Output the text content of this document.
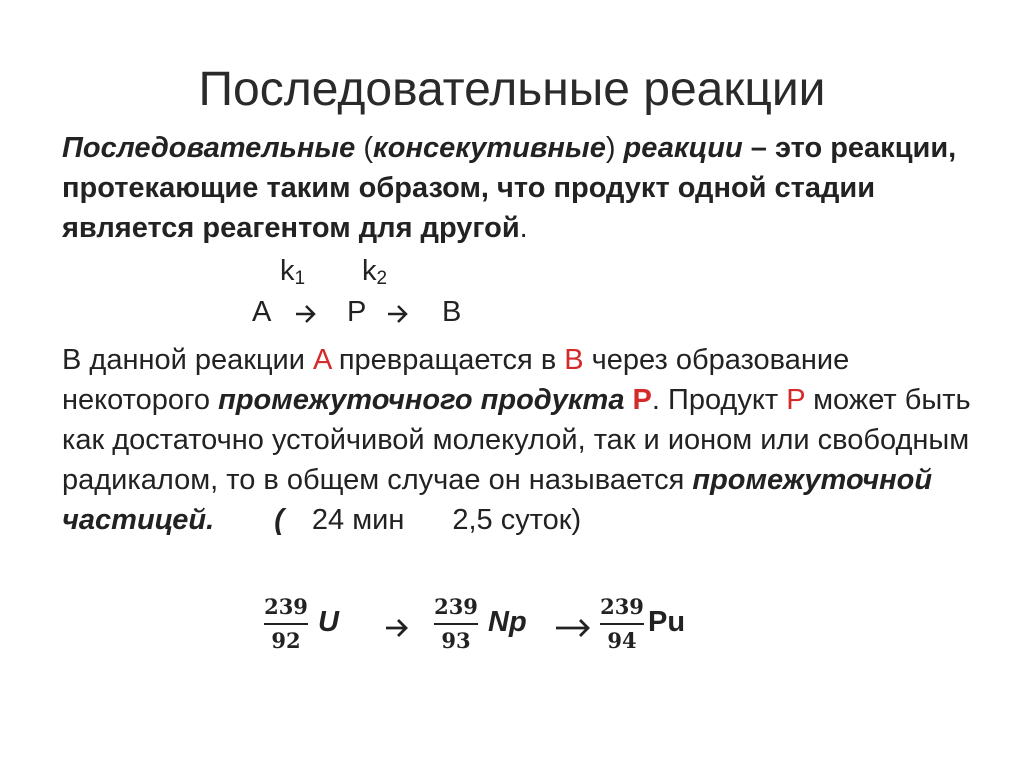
Последовательные реакции
Последовательные (консекутивные) реакции – это реакции, протекающие таким образом, что продукт одной стадии является реагентом для другой.
$k_1$ $k_2$
A	P	B
В данной реакции A превращается в B через образование некоторого промежуточного продукта P. Продукт P может быть как достаточно устойчивой молекулой, так и ионом или свободным радикалом, то в общем случае он называется промежуточной частицей. ( 24 мин 2,5 суток)
239
92
U	239
93
Np	239
94
Pu
